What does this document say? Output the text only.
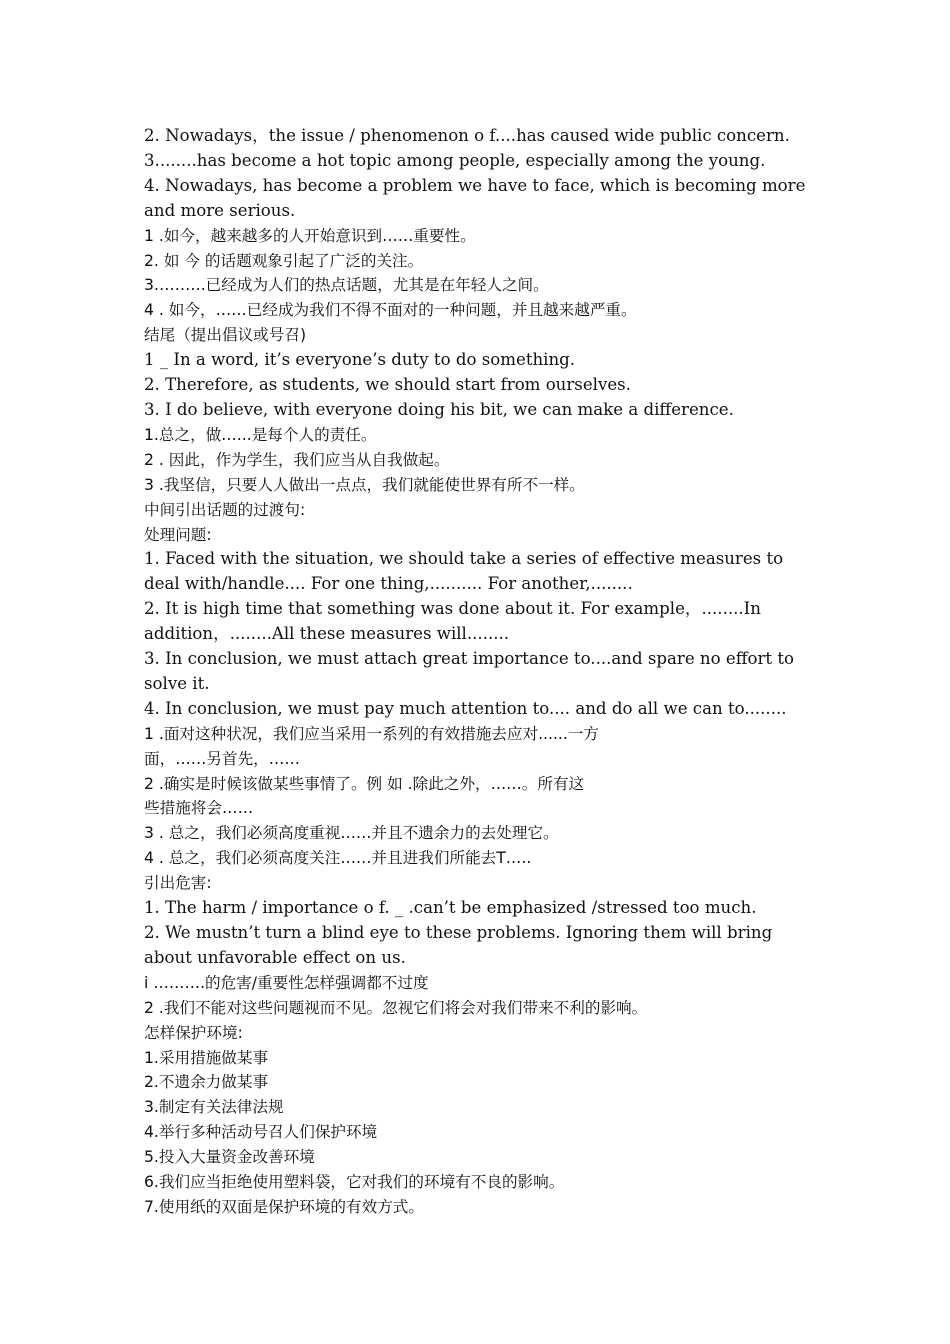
2. Nowadays，the issue / phenomenon o f....has caused wide public concern.

3........has become a hot topic among people, especially among the young.

4. Nowadays, has become a problem we have to face, which is becoming more and more serious.

1 .如今，越来越多的人开始意识到……重要性。

2. 如 今 的话题观象引起了广泛的关注。

3……….已经成为人们的热点话题，尤其是在年轻人之间。

4 . 如今，……已经成为我们不得不面对的一种问题，并且越来越严重。

结尾（提出倡议或号召)

1 _ In a word, it’s everyone’s duty to do something.

2. Therefore, as students, we should start from ourselves.

3. I do believe, with everyone doing his bit, we can make a difference.

1.总之，做.…..是每个人的责任。

2 . 因此，作为学生，我们应当从自我做起。

3 .我坚信，只要人人做出一点点，我们就能使世界有所不一样。

中间引出话题的过渡句:

处理问题:

1. Faced with the situation, we should take a series of effective measures to deal with/handle.... For one thing,.......... For another,........

2. It is high time that something was done about it. For example，........In addition，........All these measures will........

3. In conclusion, we must attach great importance to....and spare no effort to solve it.

4. In conclusion, we must pay much attention to.... and do all we can to........

1 .面对这种状况，我们应当采用一系列的有效措施去应对......一方

面，……另首先，……

2 .确实是时候该做某些事情了。例 如 .除此之外，……。所有这

些措施将会……

3 . 总之，我们必须高度重视……并且不遗余力的去处理它。

4 . 总之，我们必须高度关注……并且进我们所能去T…..

引出危害:

1. The harm / importance o f. _ .can’t be emphasized /stressed too much.

2. We mustn’t turn a blind eye to these problems. Ignoring them will bring about unfavorable effect on us.

i ……….的危害/重要性怎样强调都不过度

2 .我们不能对这些问题视而不见。忽视它们将会对我们带来不利的影响。

怎样保护环境:

1.采用措施做某事

2.不遗余力做某事

3.制定有关法律法规

4.举行多种活动号召人们保护环境

5.投入大量资金改善环境

6.我们应当拒绝使用塑料袋，它对我们的环境有不良的影响。

7.使用纸的双面是保护环境的有效方式。
